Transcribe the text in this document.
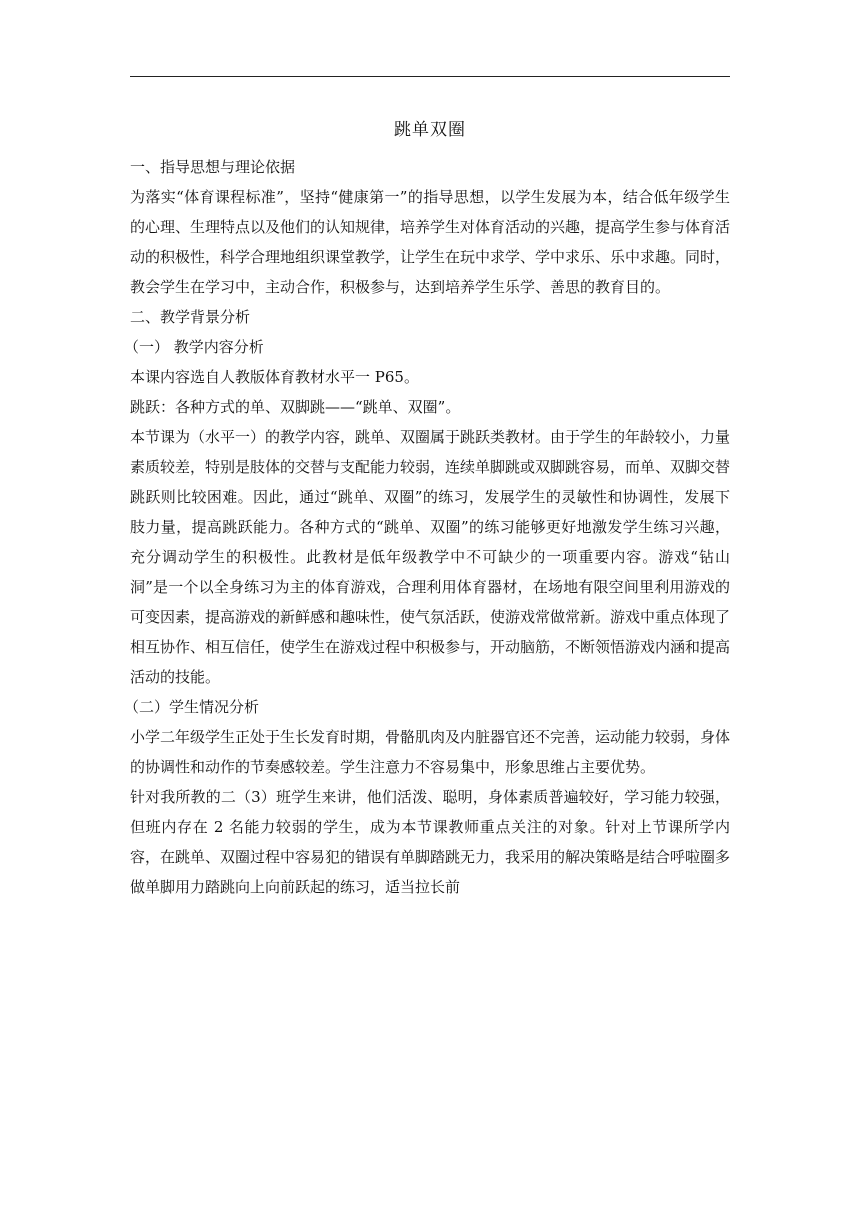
跳单双圈

一、指导思想与理论依据

为落实“体育课程标准”，坚持“健康第一”的指导思想，以学生发展为本，结合低年级学生的心理、生理特点以及他们的认知规律，培养学生对体育活动的兴趣，提高学生参与体育活动的积极性，科学合理地组织课堂教学，让学生在玩中求学、学中求乐、乐中求趣。同时，教会学生在学习中，主动合作，积极参与，达到培养学生乐学、善思的教育目的。

二、教学背景分析

（一） 教学内容分析

本课内容选自人教版体育教材水平一 P65。

跳跃：各种方式的单、双脚跳——“跳单、双圈”。

本节课为（水平一）的教学内容，跳单、双圈属于跳跃类教材。由于学生的年龄较小，力量素质较差，特别是肢体的交替与支配能力较弱，连续单脚跳或双脚跳容易，而单、双脚交替跳跃则比较困难。因此，通过“跳单、双圈”的练习，发展学生的灵敏性和协调性，发展下肢力量，提高跳跃能力。各种方式的“跳单、双圈”的练习能够更好地激发学生练习兴趣，充分调动学生的积极性。此教材是低年级教学中不可缺少的一项重要内容。游戏“钻山洞”是一个以全身练习为主的体育游戏，合理利用体育器材，在场地有限空间里利用游戏的可变因素，提高游戏的新鲜感和趣味性，使气氛活跃，使游戏常做常新。游戏中重点体现了相互协作、相互信任，使学生在游戏过程中积极参与，开动脑筋，不断领悟游戏内涵和提高活动的技能。

（二）学生情况分析

小学二年级学生正处于生长发育时期，骨骼肌肉及内脏器官还不完善，运动能力较弱，身体的协调性和动作的节奏感较差。学生注意力不容易集中，形象思维占主要优势。

针对我所教的二（3）班学生来讲，他们活泼、聪明，身体素质普遍较好，学习能力较强，但班内存在 2 名能力较弱的学生，成为本节课教师重点关注的对象。针对上节课所学内容，在跳单、双圈过程中容易犯的错误有单脚踏跳无力，我采用的解决策略是结合呼啦圈多做单脚用力踏跳向上向前跃起的练习，适当拉长前
